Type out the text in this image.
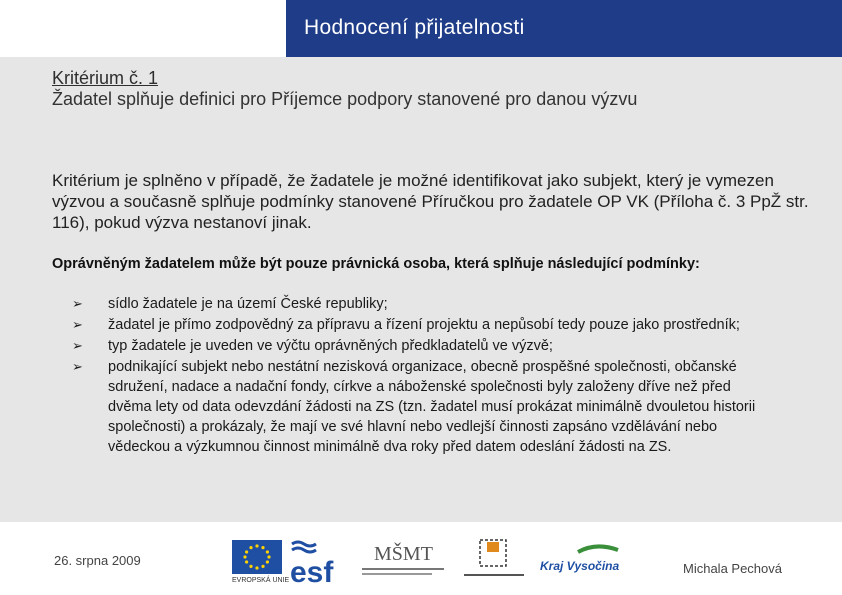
Hodnocení přijatelnosti
Kritérium č. 1
Žadatel splňuje definici pro Příjemce podpory stanovené pro danou výzvu
Kritérium je splněno v případě, že žadatele je možné identifikovat jako subjekt, který je vymezen výzvou a současně splňuje podmínky stanovené Příručkou pro žadatele OP VK (Příloha č. 3 PpŽ str. 116), pokud výzva nestanoví jinak.
Oprávněným žadatelem může být pouze právnická osoba, která splňuje následující podmínky:
➢	sídlo žadatele je na území České republiky;
➢	žadatel je přímo zodpovědný za přípravu a řízení projektu a nepůsobí tedy pouze jako prostředník;
➢	typ žadatele je uveden ve výčtu oprávněných předkladatelů ve výzvě;
➢	podnikající subjekt nebo nestátní nezisková organizace, obecně prospěšné společnosti, občanské sdružení, nadace a nadační fondy, církve a náboženské společnosti byly založeny dříve než před dvěma lety od data odevzdání žádosti na ZS (tzn. žadatel musí prokázat minimálně dvouletou historii společnosti) a prokázaly, že mají ve své hlavní nebo vedlejší činnosti zapsáno vzdělávání nebo vědeckou a výzkumnou činnost minimálně dva roky před datem odeslání žádosti na ZS.
26. srpna 2009
EVROPSKÁ UNIE esf
MŠMT
Kraj Vysočina	Michala Pechová
